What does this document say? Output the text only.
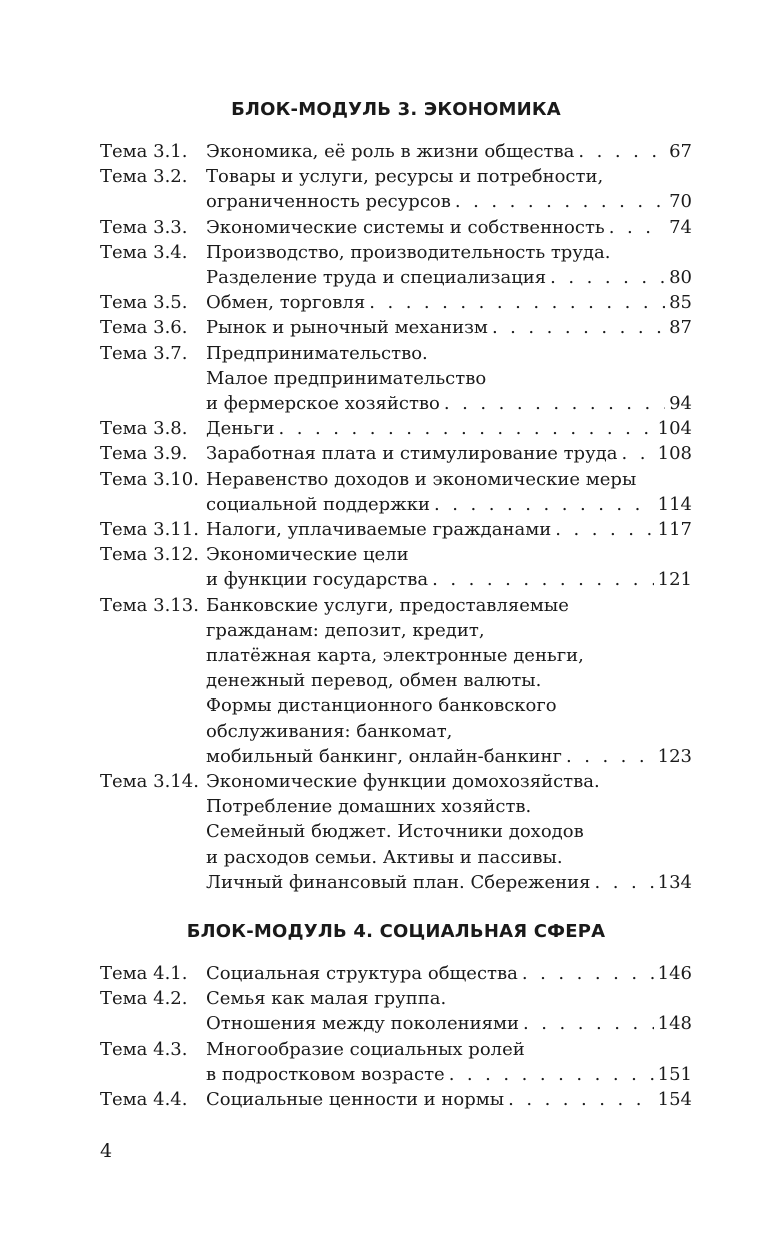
БЛОК-МОДУЛЬ 3. ЭКОНОМИКА
Тема 3.1.	Экономика, её роль в жизни общества . . .	67
Тема 3.2.	Товары и услуги, ресурсы и потребности,
ограниченность ресурсов . . .	70
Тема 3.3.	Экономические системы и собственность . . .	74
Тема 3.4.	Производство, производительность труда.
Разделение труда и специализация . . .	80
Тема 3.5.	Обмен, торговля . . .	85
Тема 3.6.	Рынок и рыночный механизм . . .	87
Тема 3.7.	Предпринимательство.
Малое предпринимательство
и фермерское хозяйство . . .	94
Тема 3.8.	Деньги . . .	104
Тема 3.9.	Заработная плата и стимулирование труда . . . 108
Тема 3.10. Неравенство доходов и экономические меры
социальной поддержки . . .	114
Тема 3.11. Налоги, уплачиваемые гражданами . . .	117
Тема 3.12. Экономические цели
и функции государства . . .	121
Тема 3.13. Банковские услуги, предоставляемые
гражданам: депозит, кредит,
платёжная карта, электронные деньги,
денежный перевод, обмен валюты.
Формы дистанционного банковского
обслуживания: банкомат,
мобильный банкинг, онлайн-банкинг . . .	123
Тема 3.14. Экономические функции домохозяйства.
Потребление домашних хозяйств.
Семейный бюджет. Источники доходов
и расходов семьи. Активы и пассивы.
Личный финансовый план. Сбережения . . .	134
БЛОК-МОДУЛЬ 4. СОЦИАЛЬНАЯ СФЕРА
Тема 4.1.	Социальная структура общества . . .	146
Тема 4.2.	Семья как малая группа.
Отношения между поколениями . . .	148
Тема 4.3.	Многообразие социальных ролей
в подростковом возрасте . . .	151
Тема 4.4.	Социальные ценности и нормы . . .	154
4
